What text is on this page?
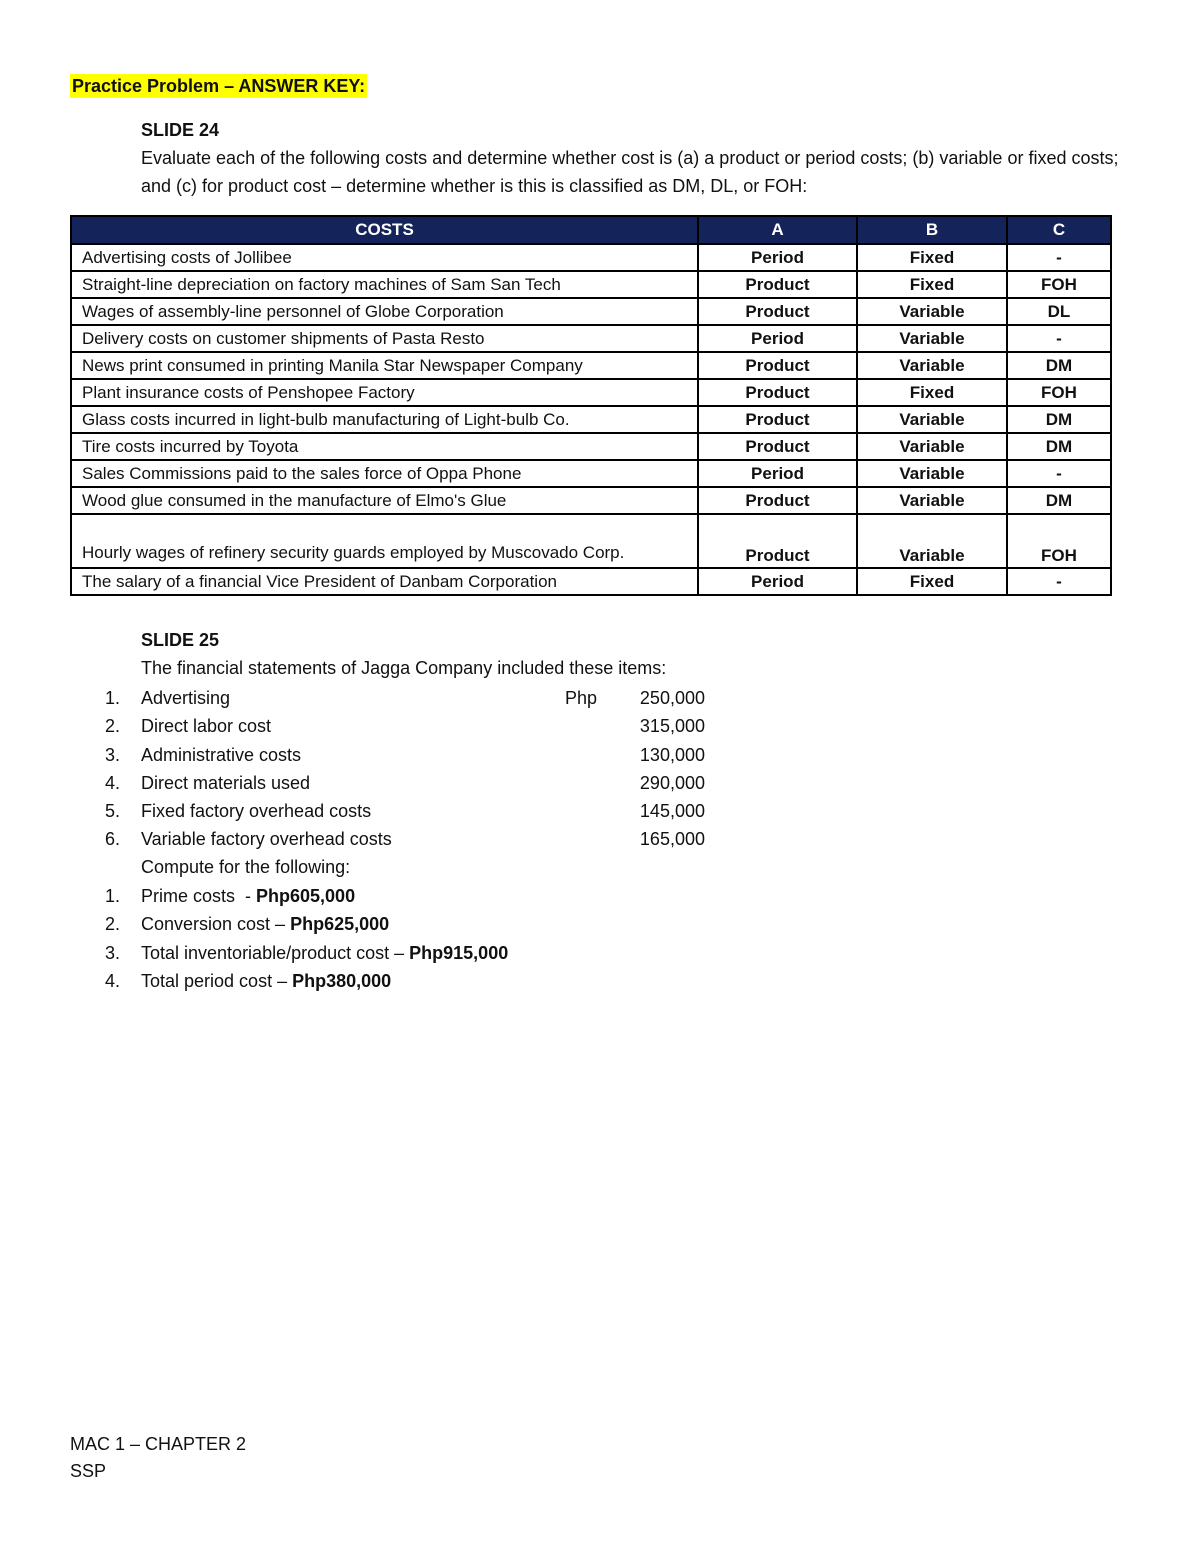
Practice Problem – ANSWER KEY:
SLIDE 24
Evaluate each of the following costs and determine whether cost is (a) a product or period costs; (b) variable or fixed costs; and (c) for product cost – determine whether is this is classified as DM, DL, or FOH:
COSTS	A	B	C
Advertising costs of Jollibee	Period	Fixed	-
Straight-line depreciation on factory machines of Sam San Tech	Product	Fixed	FOH
Wages of assembly-line personnel of Globe Corporation	Product	Variable	DL
Delivery costs on customer shipments of Pasta Resto	Period	Variable	-
News print consumed in printing Manila Star Newspaper Company	Product	Variable	DM
Plant insurance costs of Penshopee Factory	Product	Fixed	FOH
Glass costs incurred in light-bulb manufacturing of Light-bulb Co.	Product	Variable	DM
Tire costs incurred by Toyota	Product	Variable	DM
Sales Commissions paid to the sales force of Oppa Phone	Period	Variable	-
Wood glue consumed in the manufacture of Elmo's Glue	Product	Variable	DM
Hourly wages of refinery security guards employed by Muscovado Corp.	Product	Variable	FOH
The salary of a financial Vice President of Danbam Corporation	Period	Fixed	-
SLIDE 25
The financial statements of Jagga Company included these items:
1.	Advertising	Php 250,000
2.	Direct labor cost	315,000
3.	Administrative costs	130,000
4.	Direct materials used	290,000
5.	Fixed factory overhead costs	145,000
6.	Variable factory overhead costs	165,000
Compute for the following:
1.	Prime costs  - Php605,000
2.	Conversion cost – Php625,000
3.	Total inventoriable/product cost – Php915,000
4.	Total period cost – Php380,000
MAC 1 – CHAPTER 2
SSP
